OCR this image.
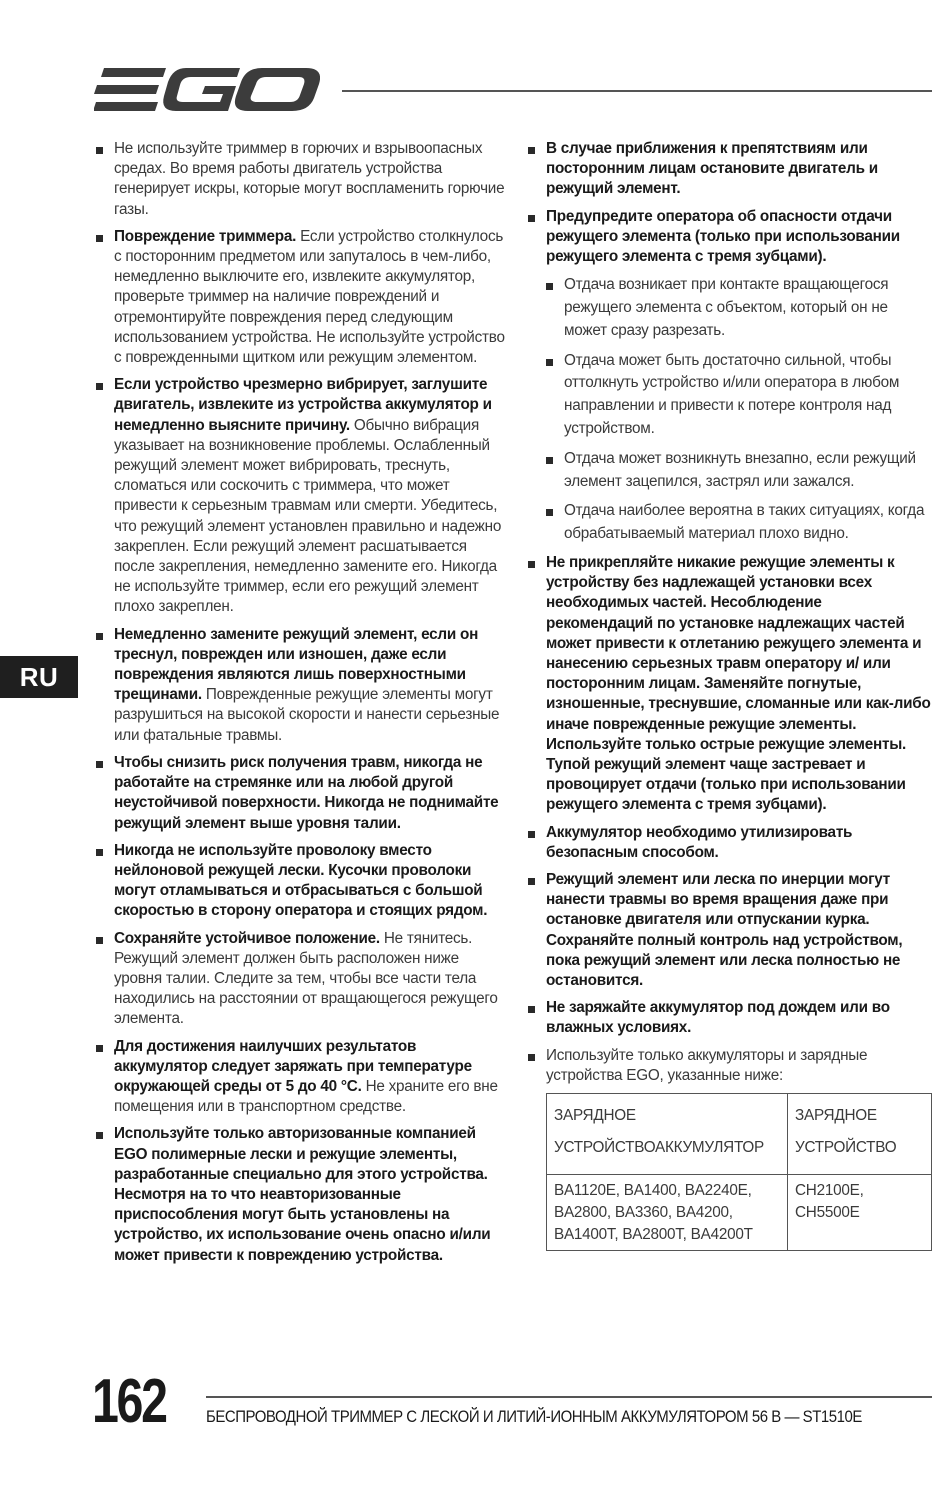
Не используйте триммер в горючих и взрывоопасных средах. Во время работы двигатель устройства генерирует искры, которые могут воспламенить горючие газы.
Повреждение триммера. Если устройство столкнулось с посторонним предметом или запуталось в чем-либо, немедленно выключите его, извлеките аккумулятор, проверьте триммер на наличие повреждений и отремонтируйте повреждения перед следующим использованием устройства. Не используйте устройство с поврежденными щитком или режущим элементом.
Если устройство чрезмерно вибрирует, заглушите двигатель, извлеките из устройства аккумулятор и немедленно выясните причину. Обычно вибрация указывает на возникновение проблемы. Ослабленный режущий элемент может вибрировать, треснуть, сломаться или соскочить с триммера, что может привести к серьезным травмам или смерти. Убедитесь, что режущий элемент установлен правильно и надежно закреплен. Если режущий элемент расшатывается после закрепления, немедленно замените его. Никогда не используйте триммер, если его режущий элемент плохо закреплен.
Немедленно замените режущий элемент, если он треснул, поврежден или изношен, даже если повреждения являются лишь поверхностными трещинами. Поврежденные режущие элементы могут разрушиться на высокой скорости и нанести серьезные или фатальные травмы.
Чтобы снизить риск получения травм, никогда не работайте на стремянке или на любой другой неустойчивой поверхности. Никогда не поднимайте режущий элемент выше уровня талии.
Никогда не используйте проволоку вместо нейлоновой режущей лески. Кусочки проволоки могут отламываться и отбрасываться с большой скоростью в сторону оператора и стоящих рядом.
Сохраняйте устойчивое положение. Не тянитесь. Режущий элемент должен быть расположен ниже уровня талии. Следите за тем, чтобы все части тела находились на расстоянии от вращающегося режущего элемента.
Для достижения наилучших результатов аккумулятор следует заряжать при температуре окружающей среды от 5 до 40 °C. Не храните его вне помещения или в транспортном средстве.
Используйте только авторизованные компанией EGO полимерные лески и режущие элементы, разработанные специально для этого устройства. Несмотря на то что неавторизованные приспособления могут быть установлены на устройство, их использование очень опасно и/или может привести к повреждению устройства.
В случае приближения к препятствиям или посторонним лицам остановите двигатель и режущий элемент.
Предупредите оператора об опасности отдачи режущего элемента (только при использовании режущего элемента с тремя зубцами).
Отдача возникает при контакте вращающегося режущего элемента с объектом, который он не может сразу разрезать.
Отдача может быть достаточно сильной, чтобы оттолкнуть устройство и/или оператора в любом направлении и привести к потере контроля над устройством.
Отдача может возникнуть внезапно, если режущий элемент зацепился, застрял или зажался.
Отдача наиболее вероятна в таких ситуациях, когда обрабатываемый материал плохо видно.
Не прикрепляйте никакие режущие элементы к устройству без надлежащей установки всех необходимых частей. Несоблюдение рекомендаций по установке надлежащих частей может привести к отлетанию режущего элемента и нанесению серьезных травм оператору и/ или посторонним лицам. Заменяйте погнутые, изношенные, треснувшие, сломанные или как-либо иначе поврежденные режущие элементы. Используйте только острые режущие элементы. Тупой режущий элемент чаще застревает и провоцирует отдачи (только при использовании режущего элемента с тремя зубцами).
Аккумулятор необходимо утилизировать безопасным способом.
Режущий элемент или леска по инерции могут нанести травмы во время вращения даже при остановке двигателя или отпускании курка. Сохраняйте полный контроль над устройством, пока режущий элемент или леска полностью не остановится.
Не заряжайте аккумулятор под дождем или во влажных условиях.
Используйте только аккумуляторы и зарядные устройства EGO, указанные ниже:
ЗАРЯДНОЕ УСТРОЙСТВОАККУМУЛЯТОР	ЗАРЯДНОЕ УСТРОЙСТВО
BA1120E, BA1400, BA2240E, BA2800, BA3360, BA4200, BA1400T, BA2800T, BA4200T	CH2100E, CH5500E
RU
162 БЕСПРОВОДНОЙ ТРИММЕР С ЛЕСКОЙ И ЛИТИЙ-ИОННЫМ АККУМУЛЯТОРОМ 56 В — ST1510E
